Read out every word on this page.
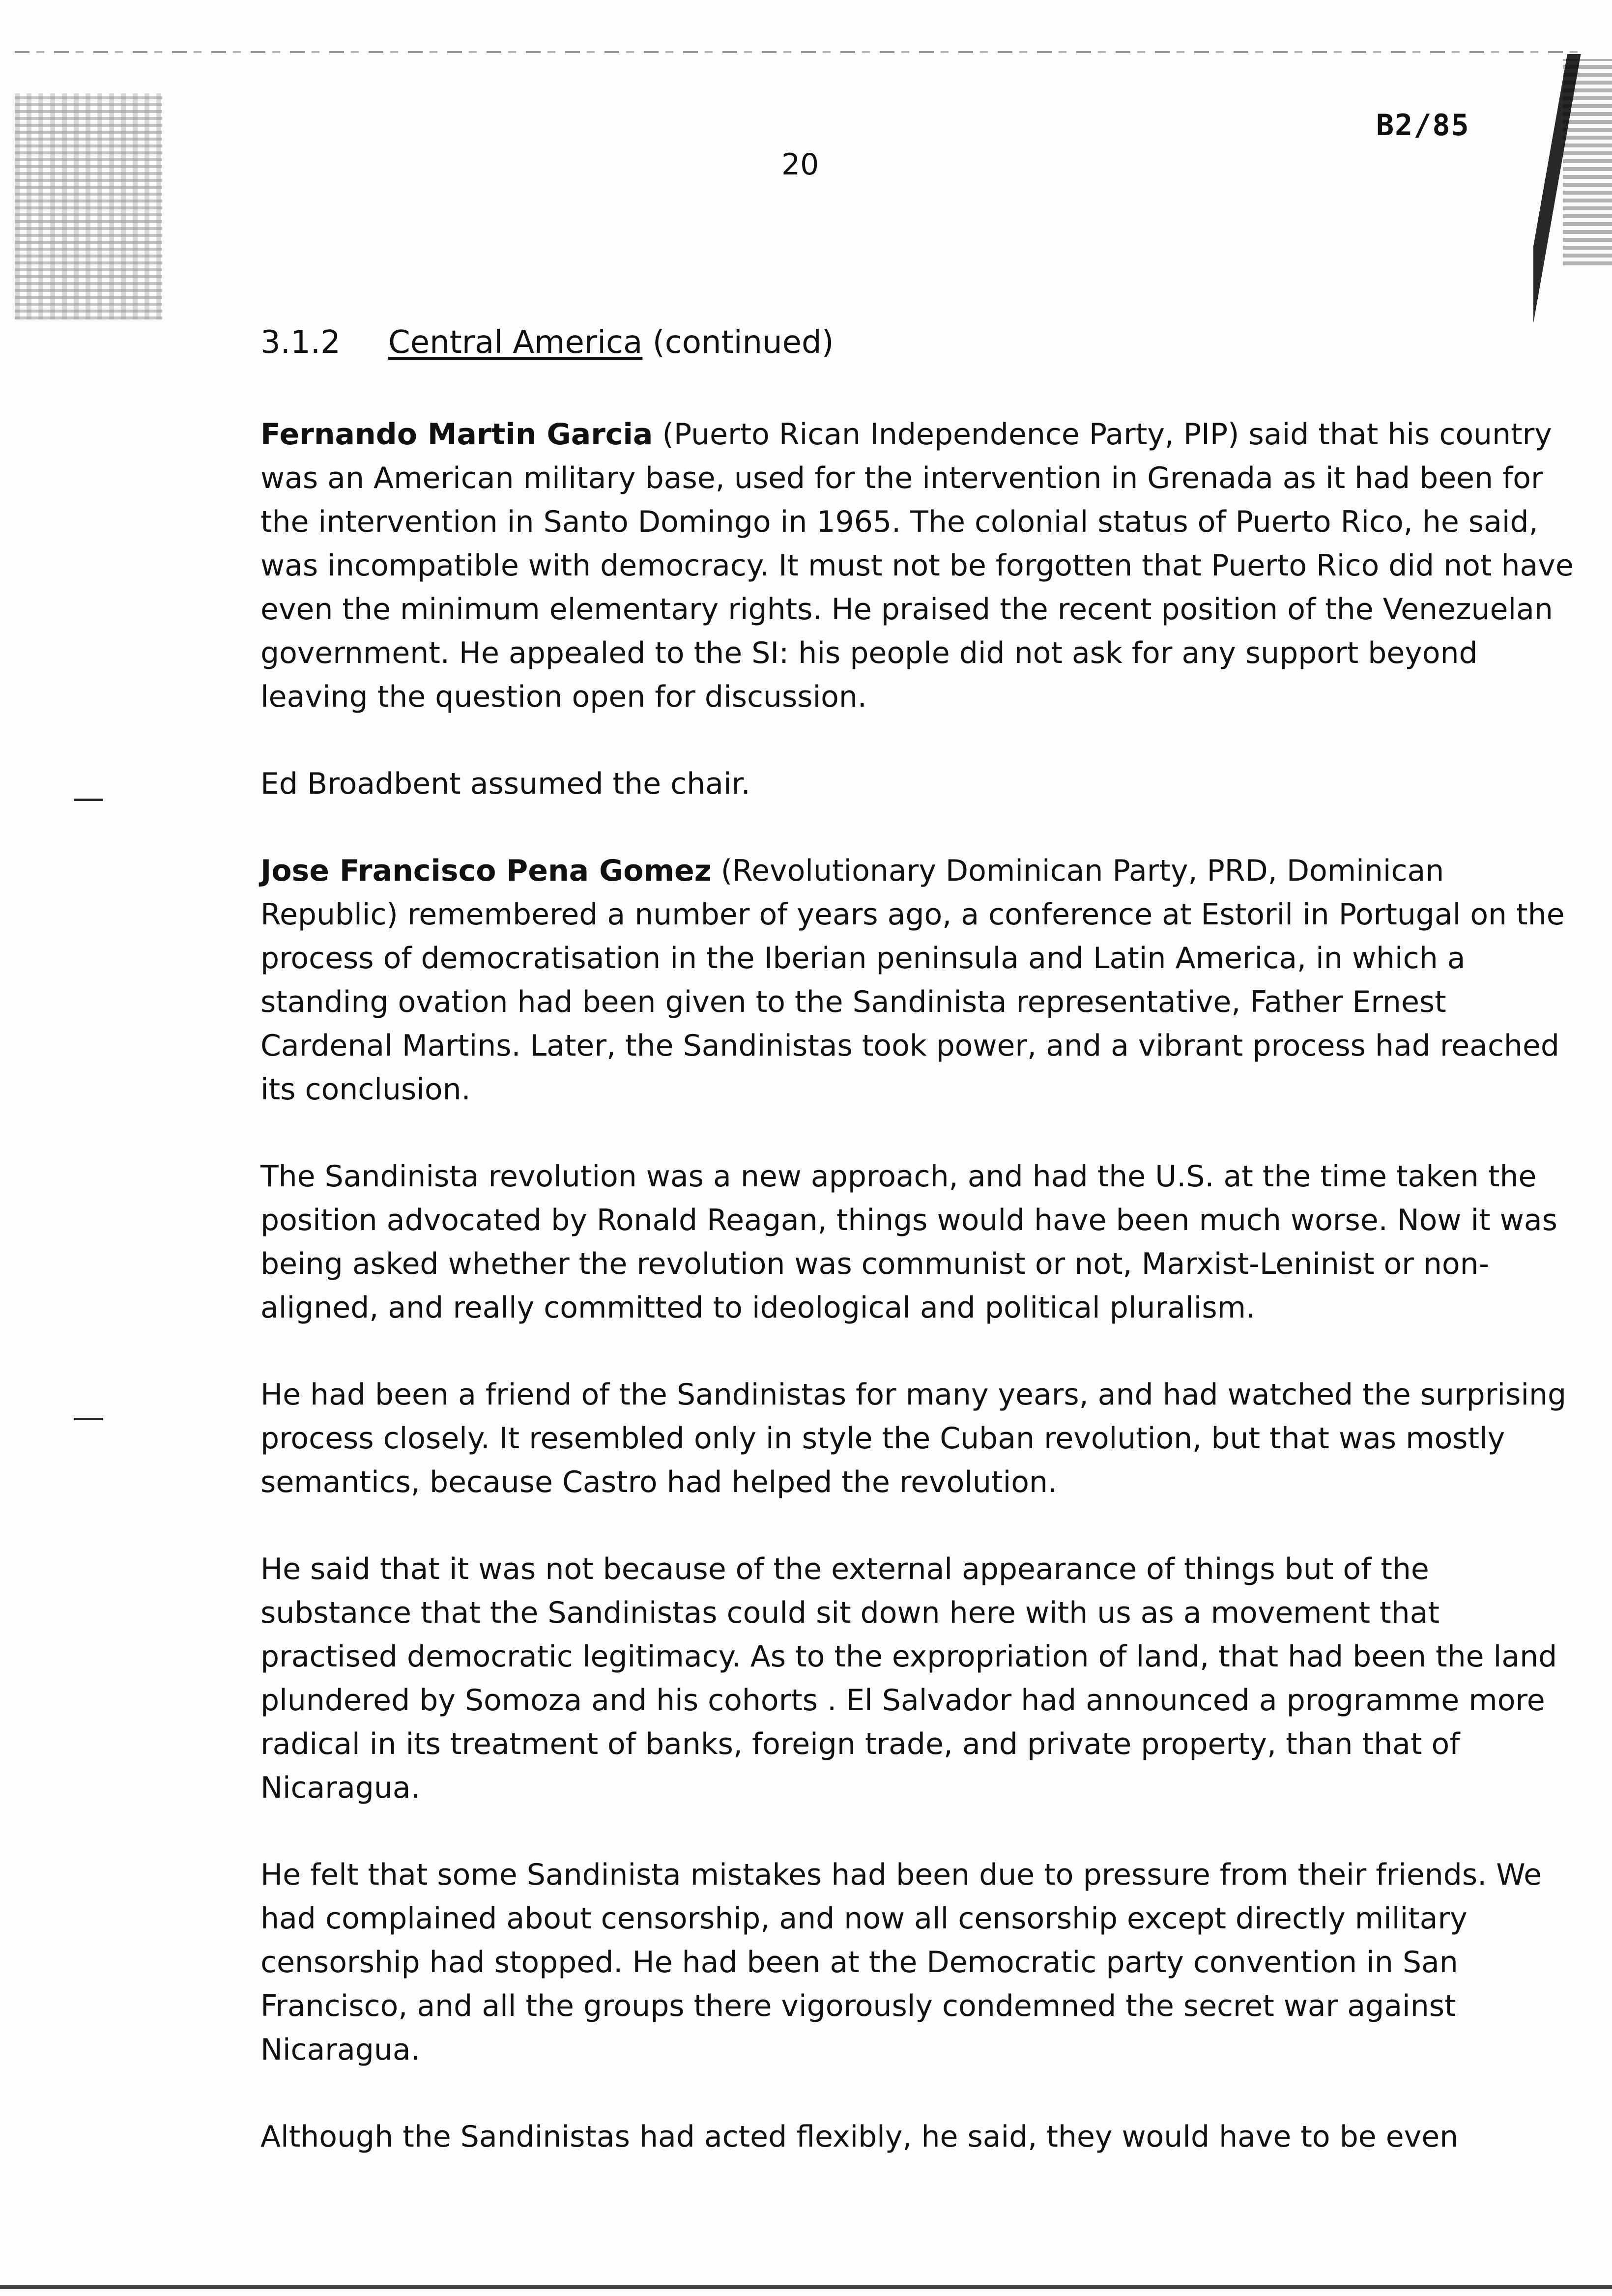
B2/85
20
3.1.2 Central America (continued)

Fernando Martin Garcia (Puerto Rican Independence Party, PIP) said that his country was an American military base, used for the intervention in Grenada as it had been for the intervention in Santo Domingo in 1965. The colonial status of Puerto Rico, he said, was incompatible with democracy. It must not be forgotten that Puerto Rico did not have even the minimum elementary rights. He praised the recent position of the Venezuelan government. He appealed to the SI: his people did not ask for any support beyond leaving the question open for discussion.

Ed Broadbent assumed the chair.

Jose Francisco Pena Gomez (Revolutionary Dominican Party, PRD, Dominican Republic) remembered a number of years ago, a conference at Estoril in Portugal on the process of democratisation in the Iberian peninsula and Latin America, in which a standing ovation had been given to the Sandinista representative, Father Ernest Cardenal Martins. Later, the Sandinistas took power, and a vibrant process had reached its conclusion.

The Sandinista revolution was a new approach, and had the U.S. at the time taken the position advocated by Ronald Reagan, things would have been much worse. Now it was being asked whether the revolution was communist or not, Marxist-Leninist or non-aligned, and really committed to ideological and political pluralism.

He had been a friend of the Sandinistas for many years, and had watched the surprising process closely. It resembled only in style the Cuban revolution, but that was mostly semantics, because Castro had helped the revolution.

He said that it was not because of the external appearance of things but of the substance that the Sandinistas could sit down here with us as a movement that practised democratic legitimacy. As to the expropriation of land, that had been the land plundered by Somoza and his cohorts . El Salvador had announced a programme more radical in its treatment of banks, foreign trade, and private property, than that of Nicaragua.

He felt that some Sandinista mistakes had been due to pressure from their friends. We had complained about censorship, and now all censorship except directly military censorship had stopped. He had been at the Democratic party convention in San Francisco, and all the groups there vigorously condemned the secret war against Nicaragua.

Although the Sandinistas had acted flexibly, he said, they would have to be even
